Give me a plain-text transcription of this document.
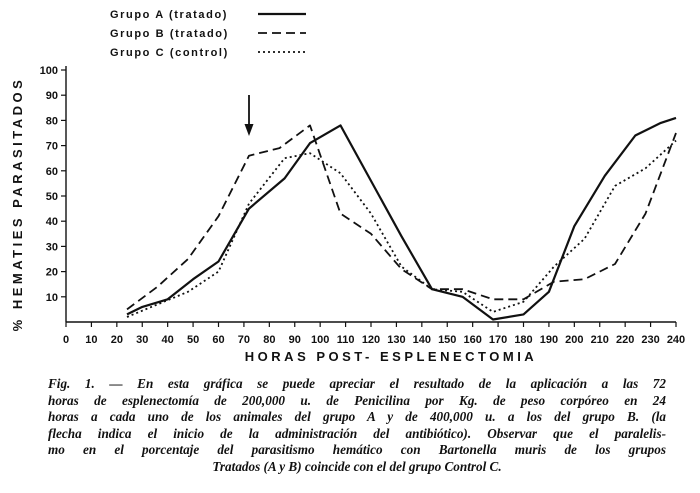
Grupo A (tratado)
Grupo B (tratado)
Grupo C (control)
HORAS POST- ESPLENECTOMIA
% HEMATIES PARASITADOS
0 10 20 30 40 50 60 70 80 90 100 110 120 130 140 150 160 170 180 190 200 210 220 230 240
10
20
30
40
50
60
70
80
90
100
Fig. 1. — En esta gráfica se puede apreciar el resultado de la aplicación a las 72
horas de esplenectomía de 200,000 u. de Penicilina por Kg. de peso corpóreo en 24
horas a cada uno de los animales del grupo A y de 400,000 u. a los del grupo B. (la
flecha indica el inicio de la administración del antibiótico). Observar que el paralelis-
mo en el porcentaje del parasitismo hemático con Bartonella muris de los grupos
Tratados (A y B) coincide con el del grupo Control C.
